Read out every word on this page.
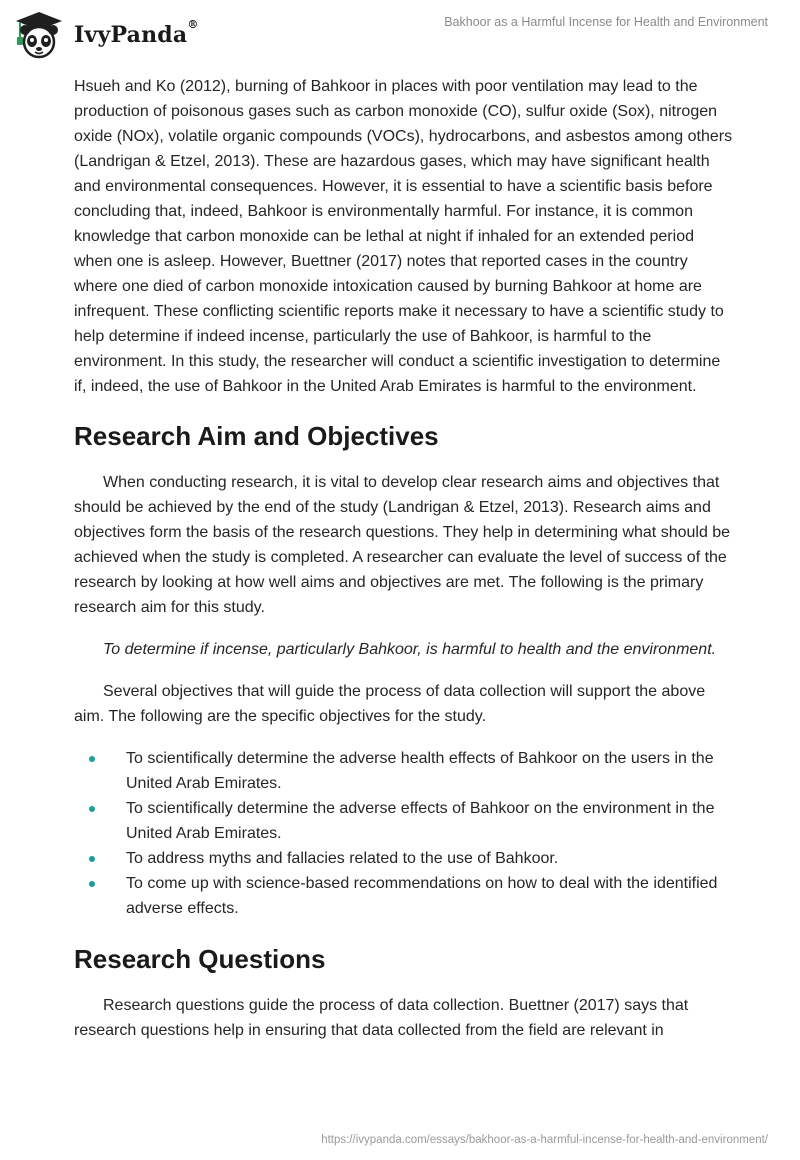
IvyPanda®	Bakhoor as a Harmful Incense for Health and Environment

Hsueh and Ko (2012), burning of Bahkoor in places with poor ventilation may lead to the production of poisonous gases such as carbon monoxide (CO), sulfur oxide (Sox), nitrogen oxide (NOx), volatile organic compounds (VOCs), hydrocarbons, and asbestos among others (Landrigan & Etzel, 2013). These are hazardous gases, which may have significant health and environmental consequences. However, it is essential to have a scientific basis before concluding that, indeed, Bahkoor is environmentally harmful. For instance, it is common knowledge that carbon monoxide can be lethal at night if inhaled for an extended period when one is asleep. However, Buettner (2017) notes that reported cases in the country where one died of carbon monoxide intoxication caused by burning Bahkoor at home are infrequent. These conflicting scientific reports make it necessary to have a scientific study to help determine if indeed incense, particularly the use of Bahkoor, is harmful to the environment. In this study, the researcher will conduct a scientific investigation to determine if, indeed, the use of Bahkoor in the United Arab Emirates is harmful to the environment.

Research Aim and Objectives

When conducting research, it is vital to develop clear research aims and objectives that should be achieved by the end of the study (Landrigan & Etzel, 2013). Research aims and objectives form the basis of the research questions. They help in determining what should be achieved when the study is completed. A researcher can evaluate the level of success of the research by looking at how well aims and objectives are met. The following is the primary research aim for this study.

To determine if incense, particularly Bahkoor, is harmful to health and the environment.

Several objectives that will guide the process of data collection will support the above aim. The following are the specific objectives for the study.

To scientifically determine the adverse health effects of Bahkoor on the users in the United Arab Emirates.
To scientifically determine the adverse effects of Bahkoor on the environment in the United Arab Emirates.
To address myths and fallacies related to the use of Bahkoor.
To come up with science-based recommendations on how to deal with the identified adverse effects.
Research Questions

Research questions guide the process of data collection. Buettner (2017) says that research questions help in ensuring that data collected from the field are relevant in

https://ivypanda.com/essays/bakhoor-as-a-harmful-incense-for-health-and-environment/
